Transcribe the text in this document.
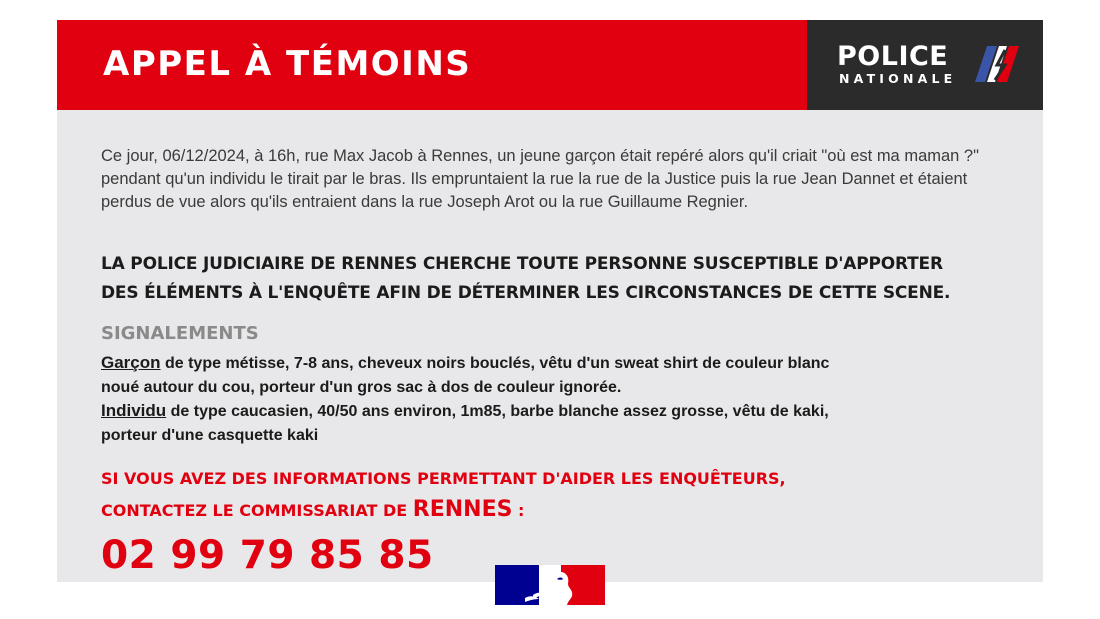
APPEL À TÉMOINS	POLICE
NATIONALE
Ce jour, 06/12/2024, à 16h, rue Max Jacob à Rennes, un jeune garçon était repéré alors qu'il criait "où est ma maman ?" pendant qu'un individu le tirait par le bras. Ils empruntaient la rue la rue de la Justice puis la rue Jean Dannet et étaient perdus de vue alors qu'ils entraient dans la rue Joseph Arot ou la rue Guillaume Regnier.
LA POLICE JUDICIAIRE DE RENNES CHERCHE TOUTE PERSONNE SUSCEPTIBLE D'APPORTER
DES ÉLÉMENTS À L'ENQUÊTE AFIN DE DÉTERMINER LES CIRCONSTANCES DE CETTE SCENE.
SIGNALEMENTS
Garçon de type métisse, 7-8 ans, cheveux noirs bouclés, vêtu d'un sweat shirt de couleur blanc
noué autour du cou, porteur d'un gros sac à dos de couleur ignorée.
Individu de type caucasien, 40/50 ans environ, 1m85, barbe blanche assez grosse, vêtu de kaki,
porteur d'une casquette kaki
SI VOUS AVEZ DES INFORMATIONS PERMETTANT D'AIDER LES ENQUÊTEURS,
CONTACTEZ LE COMMISSARIAT DE RENNES :
02 99 79 85 85
